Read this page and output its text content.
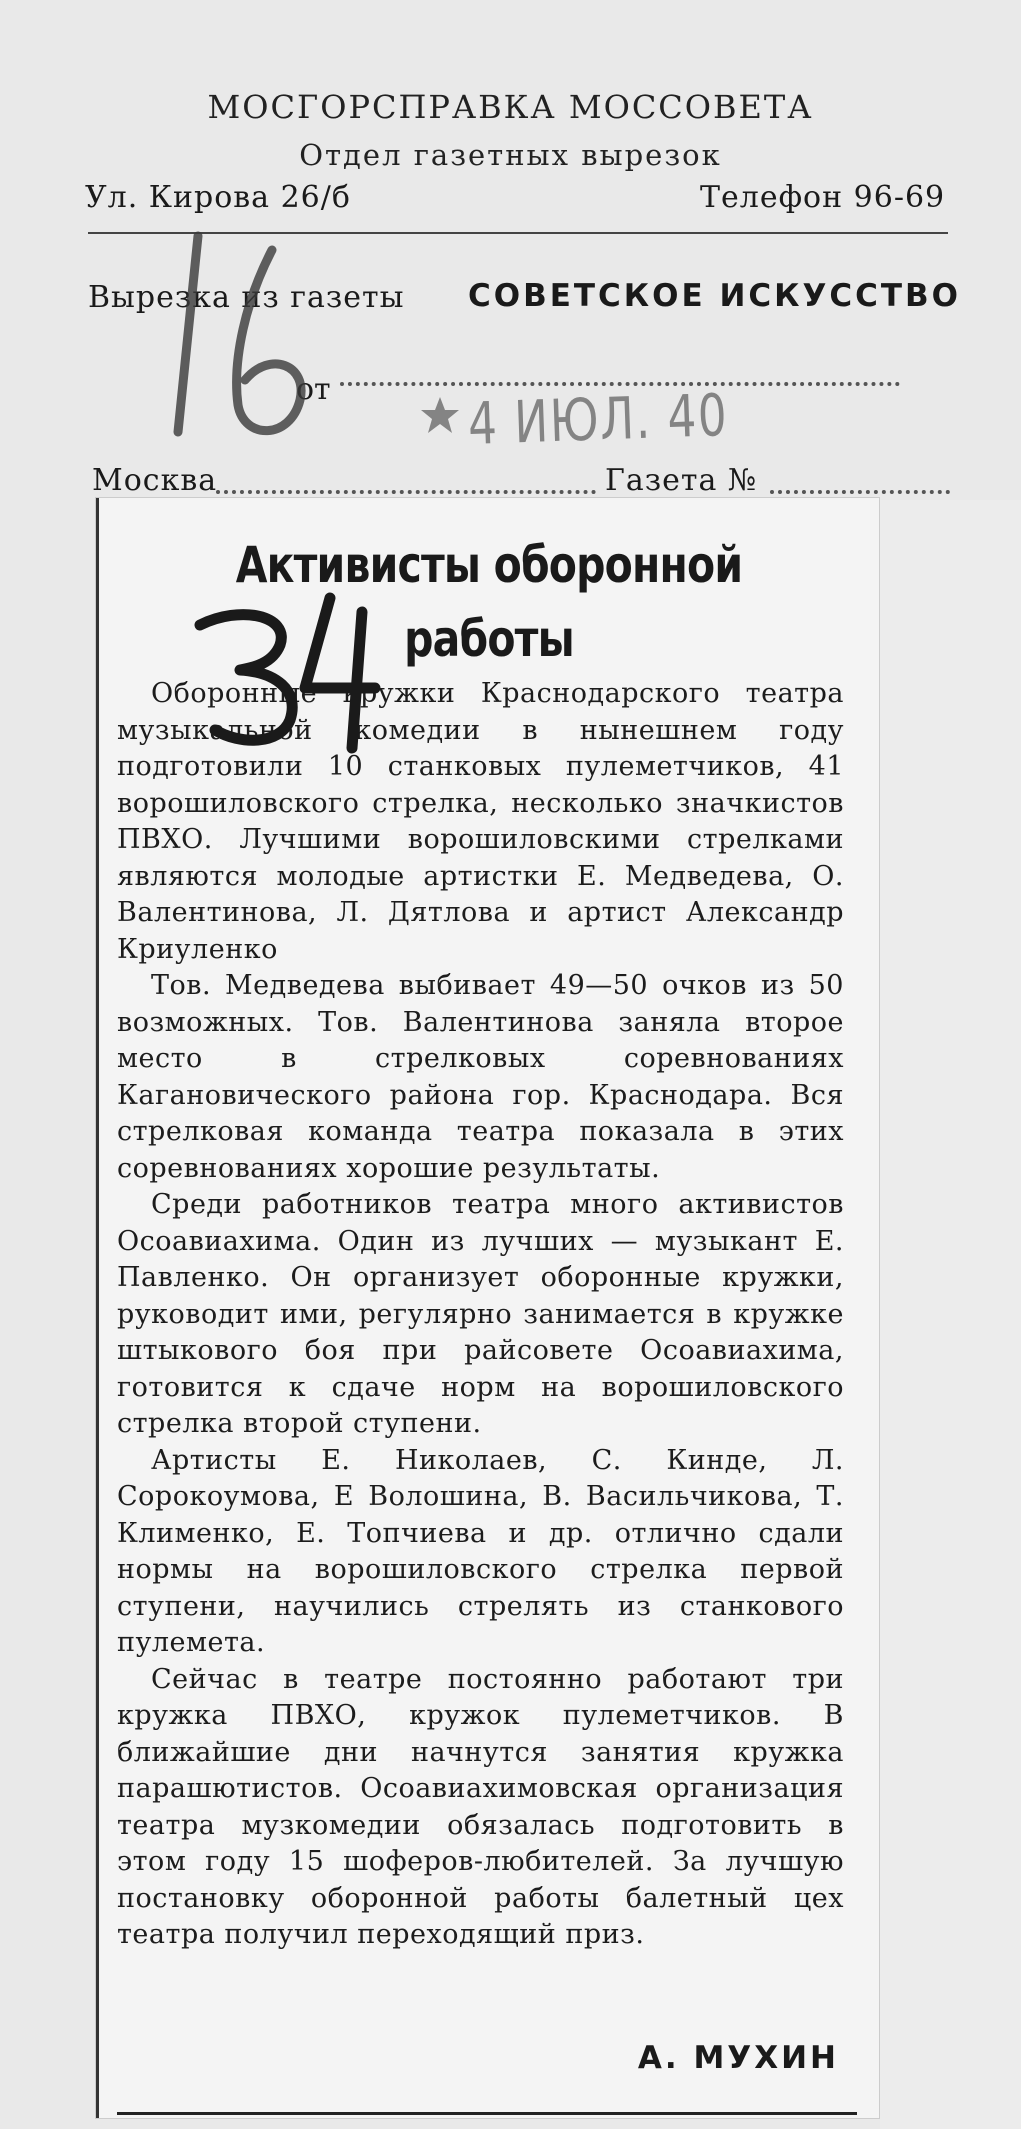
МОСГОРСПРАВКА МОССОВЕТА
Отдел газетных вырезок
Ул. Кирова 26/б	Телефон 96-69
Вырезка из газеты СОВЕТСКОЕ ИСКУССТВО
от 4 ИЮЛ. 40
Москва	Газета №
Активисты оборонной
работы

Оборонные кружки Краснодарского театра музыкальной комедии в нынешнем году подготовили 10 станковых пулеметчиков, 41 ворошиловского стрелка, несколько значкистов ПВХО. Лучшими ворошиловскими стрелками являются молодые артистки Е. Медведева, О. Валентинова, Л. Дятлова и артист Александр Криуленко

Тов. Медведева выбивает 49—50 очков из 50 возможных. Тов. Валентинова заняла второе место в стрелковых соревнованиях Кагановического района гор. Краснодара. Вся стрелковая команда театра показала в этих соревнованиях хорошие результаты.

Среди работников театра много активистов Осоавиахима. Один из лучших — музыкант Е. Павленко. Он организует оборонные кружки, руководит ими, регулярно занимается в кружке штыкового боя при райсовете Осоавиахима, готовится к сдаче норм на ворошиловского стрелка второй ступени.

Артисты Е. Николаев, С. Кинде, Л. Сорокоумова, Е Волошина, В. Васильчикова, Т. Клименко, Е. Топчиева и др. отлично сдали нормы на ворошиловского стрелка первой ступени, научились стрелять из станкового пулемета.

Сейчас в театре постоянно работают три кружка ПВХО, кружок пулеметчиков. В ближайшие дни начнутся занятия кружка парашютистов. Осоавиахимовская организация театра музкомедии обязалась подготовить в этом году 15 шоферов-любителей. За лучшую постановку оборонной работы балетный цех театра получил переходящий приз.

А. МУХИН
